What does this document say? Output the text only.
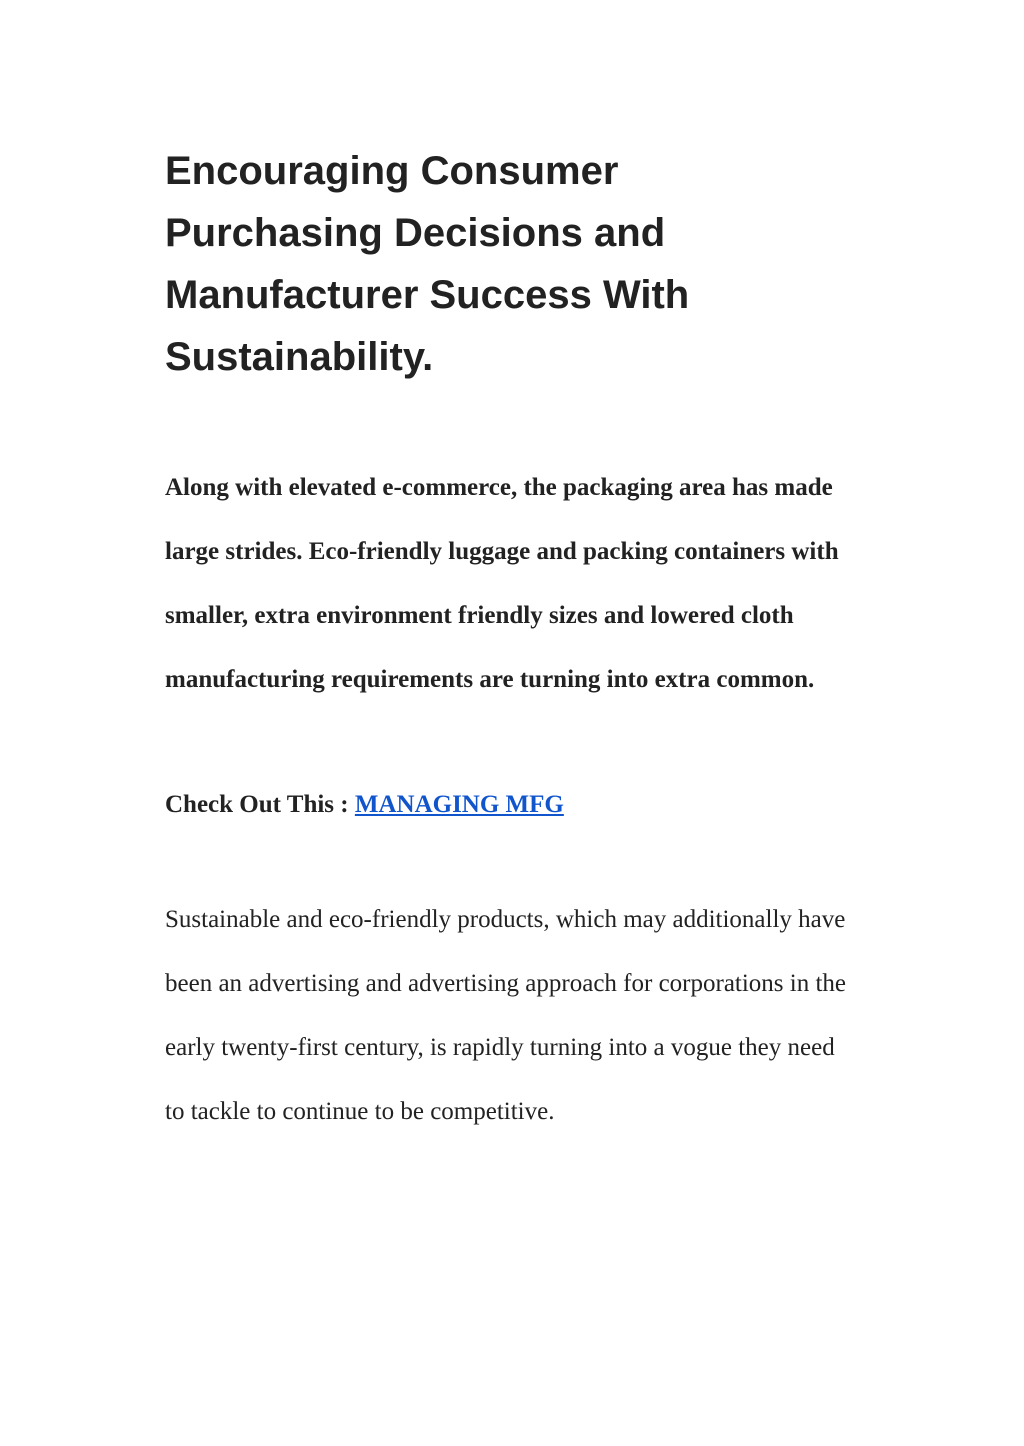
Encouraging Consumer Purchasing Decisions and Manufacturer Success With Sustainability.

Along with elevated e-commerce, the packaging area has made large strides. Eco-friendly luggage and packing containers with smaller, extra environment friendly sizes and lowered cloth manufacturing requirements are turning into extra common.

Check Out This : MANAGING MFG

Sustainable and eco-friendly products, which may additionally have been an advertising and advertising approach for corporations in the early twenty-first century, is rapidly turning into a vogue they need to tackle to continue to be competitive.
